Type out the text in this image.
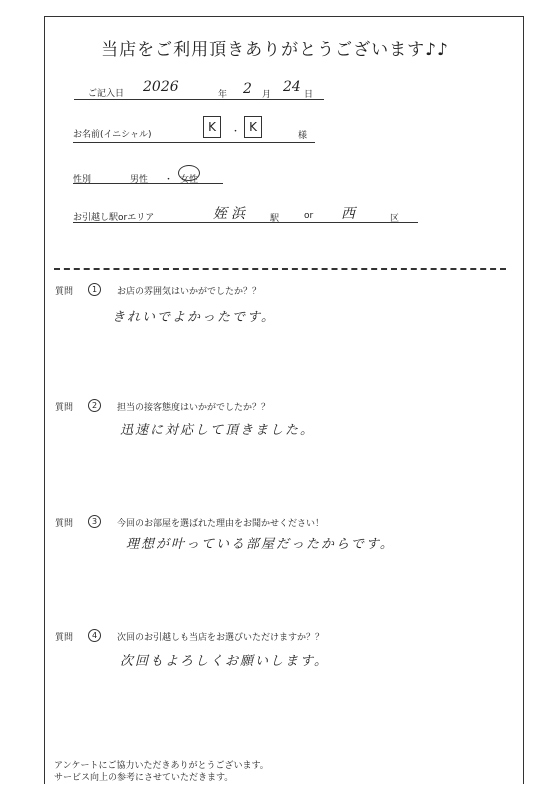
当店をご利用頂きありがとうございます♪♪
ご記入日 2026	年 2 月 24 日
お名前(イニシャル)
K	・ K
様
性別	男性 ・ 女性
お引越し駅orエリア	姪浜 駅	or 西	区
質問	1	お店の雰囲気はいかがでしたか？？
きれいでよかったです。
質問	2	担当の接客態度はいかがでしたか？？
迅速に対応して頂きました。
質問	3	今回のお部屋を選ばれた理由をお聞かせください！
理想が叶っている部屋だったからです。
質問	4	次回のお引越しも当店をお選びいただけますか？？
次回もよろしくお願いします。
アンケートにご協力いただきありがとうございます。
サービス向上の参考にさせていただきます。
